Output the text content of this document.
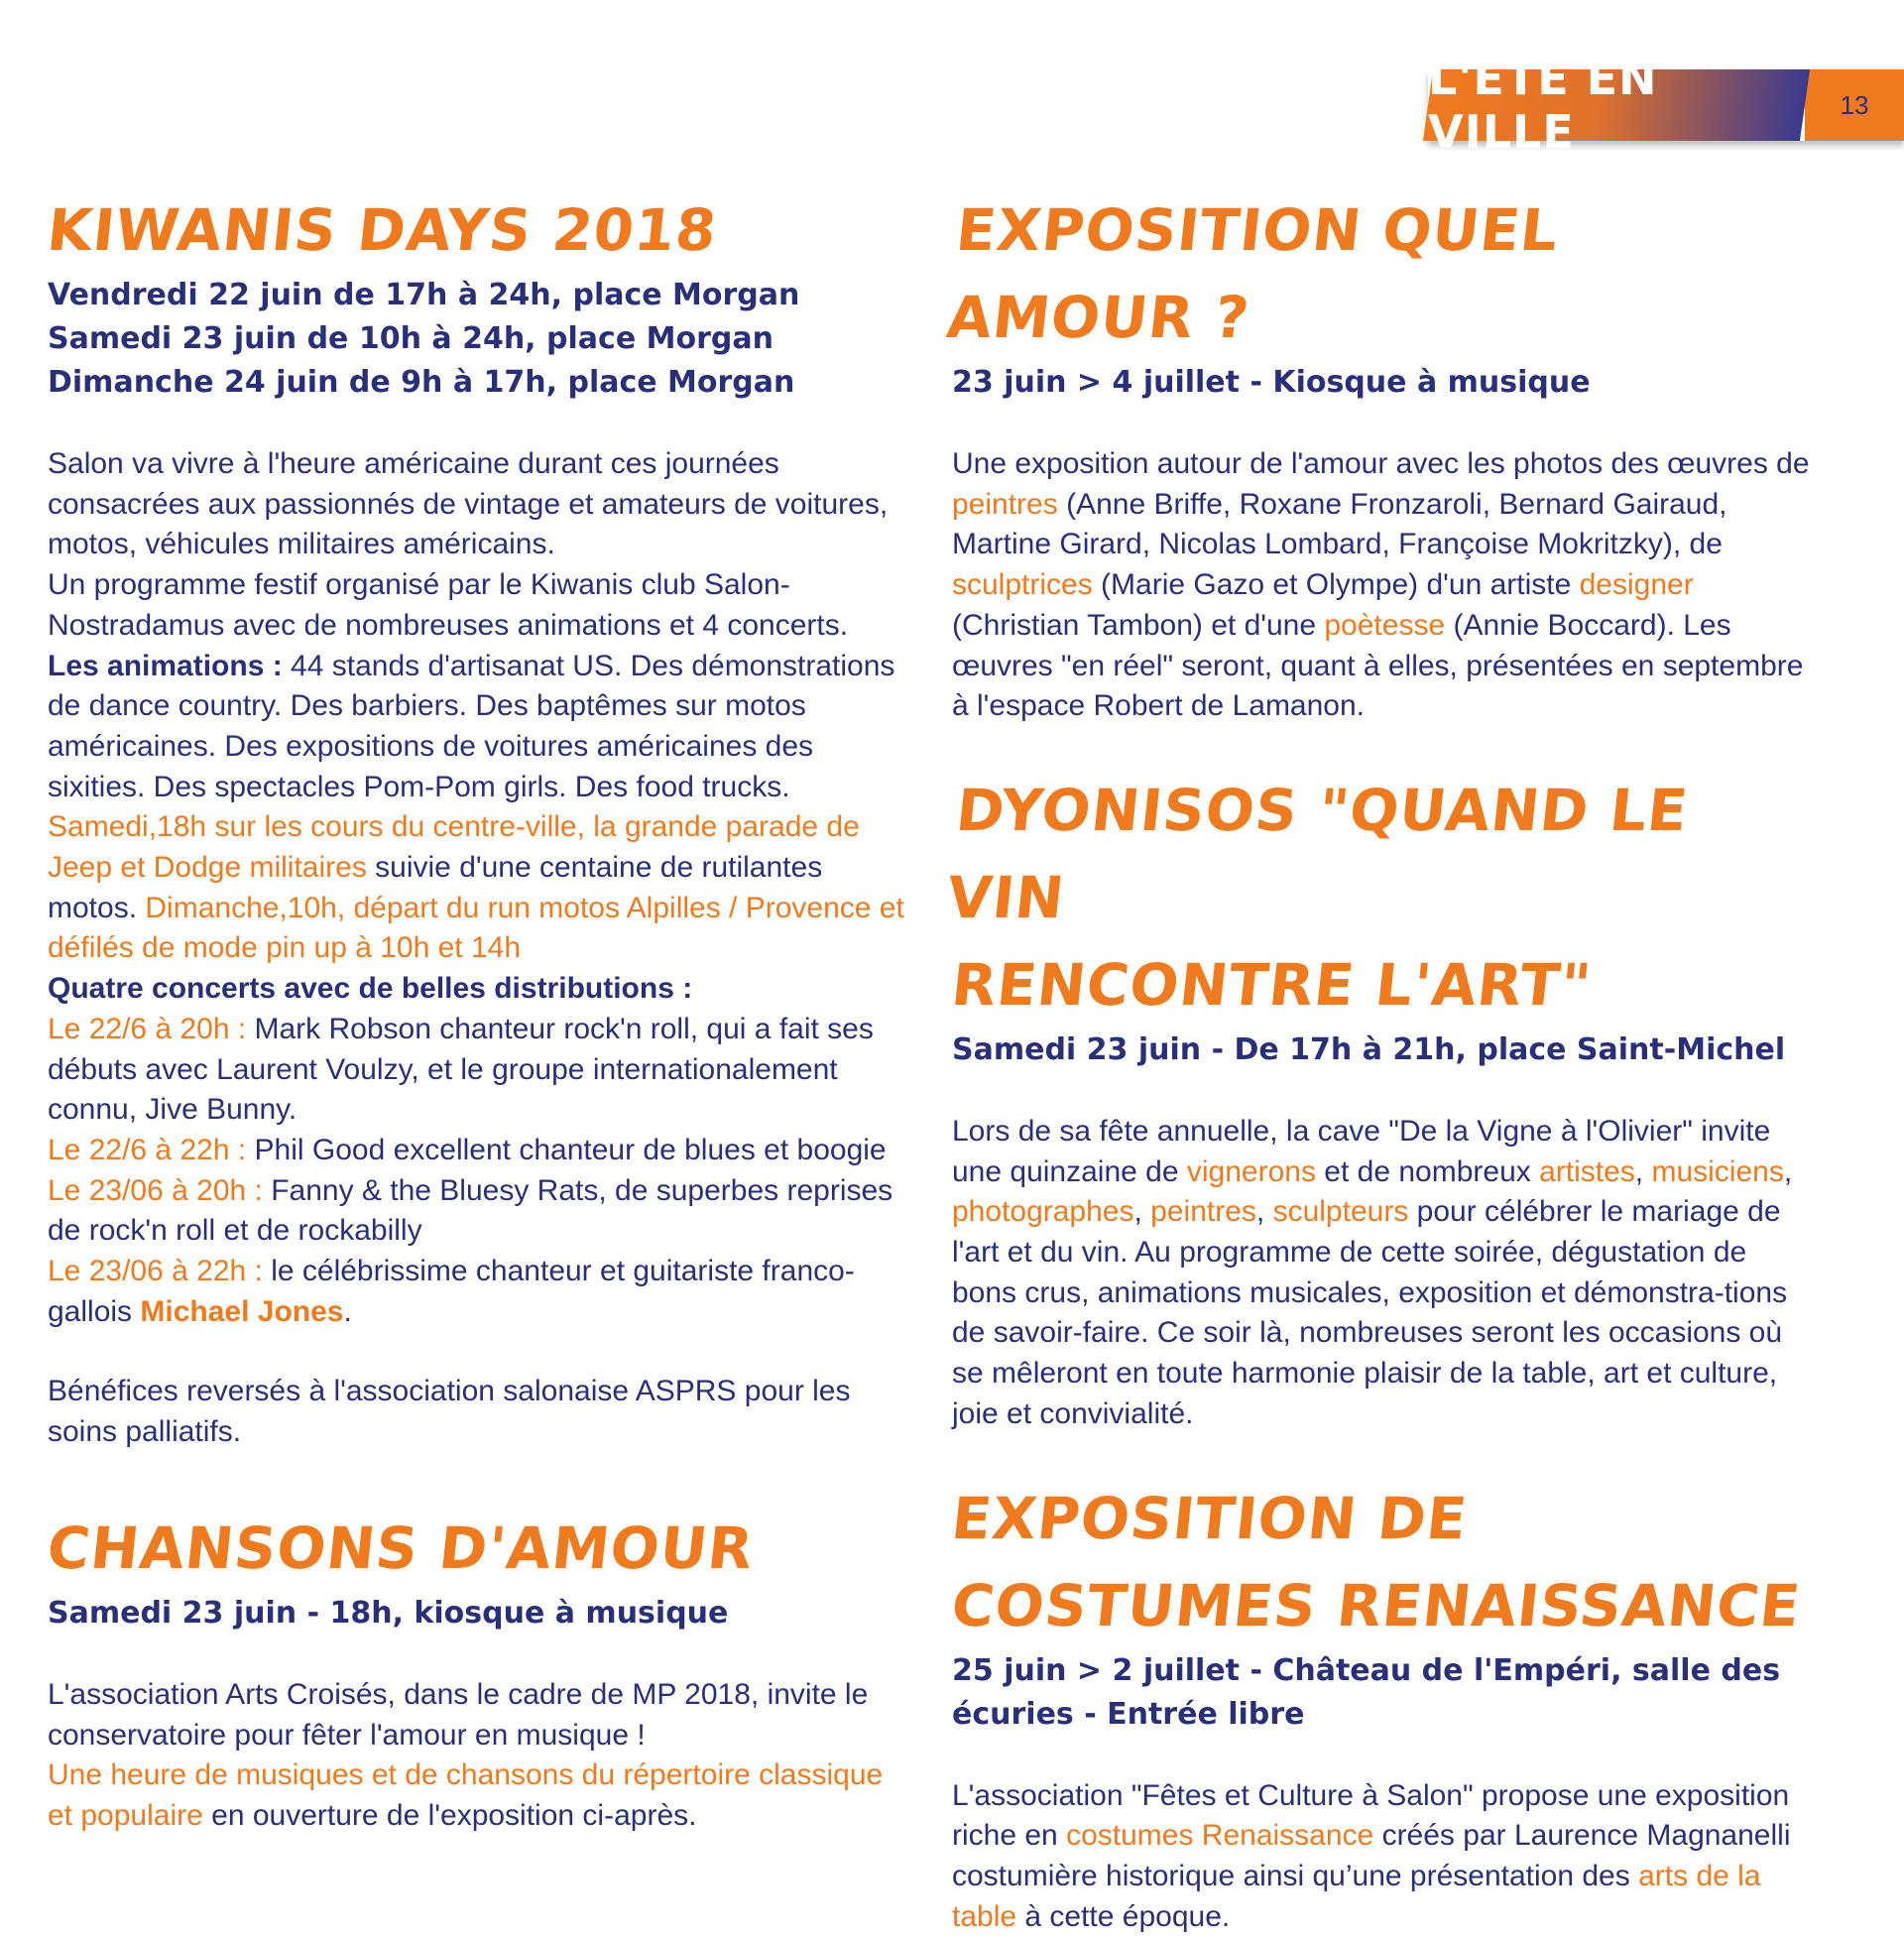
L'ÉTÉ EN VILLE
13
KIWANIS DAYS 2018

Vendredi 22 juin de 17h à 24h, place Morgan

Samedi 23 juin de 10h à 24h, place Morgan

Dimanche 24 juin de 9h à 17h, place Morgan

Salon va vivre à l'heure américaine durant ces journées consacrées aux passionnés de vintage et amateurs de voitures, motos, véhicules militaires américains.

Un programme festif organisé par le Kiwanis club Salon-Nostradamus avec de nombreuses animations et 4 concerts.

Les animations : 44 stands d'artisanat US. Des démonstrations de dance country. Des barbiers. Des baptêmes sur motos américaines. Des expositions de voitures américaines des sixities. Des spectacles Pom-Pom girls. Des food trucks.

Samedi,18h sur les cours du centre-ville, la grande parade de Jeep et Dodge militaires suivie d'une centaine de rutilantes motos. Dimanche,10h, départ du run motos Alpilles / Provence et défilés de mode pin up à 10h et 14h

Quatre concerts avec de belles distributions :

Le 22/6 à 20h : Mark Robson chanteur rock'n roll, qui a fait ses débuts avec Laurent Voulzy, et le groupe internationalement connu, Jive Bunny.

Le 22/6 à 22h : Phil Good excellent chanteur de blues et boogie

Le 23/06 à 20h : Fanny & the Bluesy Rats, de superbes reprises de rock'n roll et de rockabilly

Le 23/06 à 22h : le célébrissime chanteur et guitariste franco-gallois Michael Jones.

Bénéfices reversés à l'association salonaise ASPRS pour les soins palliatifs.

CHANSONS D'AMOUR

Samedi 23 juin - 18h, kiosque à musique

L'association Arts Croisés, dans le cadre de MP 2018, invite le conservatoire pour fêter l'amour en musique !

Une heure de musiques et de chansons du répertoire classique et populaire en ouverture de l'exposition ci-après.

EXPOSITION QUEL AMOUR ?

23 juin > 4 juillet - Kiosque à musique

Une exposition autour de l'amour avec les photos des œuvres de peintres (Anne Briffe, Roxane Fronzaroli, Bernard Gairaud, Martine Girard, Nicolas Lombard, Françoise Mokritzky), de sculptrices (Marie Gazo et Olympe) d'un artiste designer (Christian Tambon) et d'une poètesse (Annie Boccard). Les œuvres "en réel" seront, quant à elles, présentées en septembre à l'espace Robert de Lamanon.

DYONISOS "QUAND LE VIN
RENCONTRE L'ART"

Samedi 23 juin - De 17h à 21h, place Saint-Michel

Lors de sa fête annuelle, la cave "De la Vigne à l'Olivier" invite une quinzaine de vignerons et de nombreux artistes, musiciens, photographes, peintres, sculpteurs pour célébrer le mariage de l'art et du vin. Au programme de cette soirée, dégustation de bons crus, animations musicales, exposition et démonstra-tions de savoir-faire. Ce soir là, nombreuses seront les occasions où se mêleront en toute harmonie plaisir de la table, art et culture, joie et convivialité.

EXPOSITION DE
COSTUMES RENAISSANCE

25 juin > 2 juillet - Château de l'Empéri, salle des écuries - Entrée libre

L'association "Fêtes et Culture à Salon" propose une exposition riche en costumes Renaissance créés par Laurence Magnanelli costumière historique ainsi qu’une présentation des arts de la table à cette époque.
